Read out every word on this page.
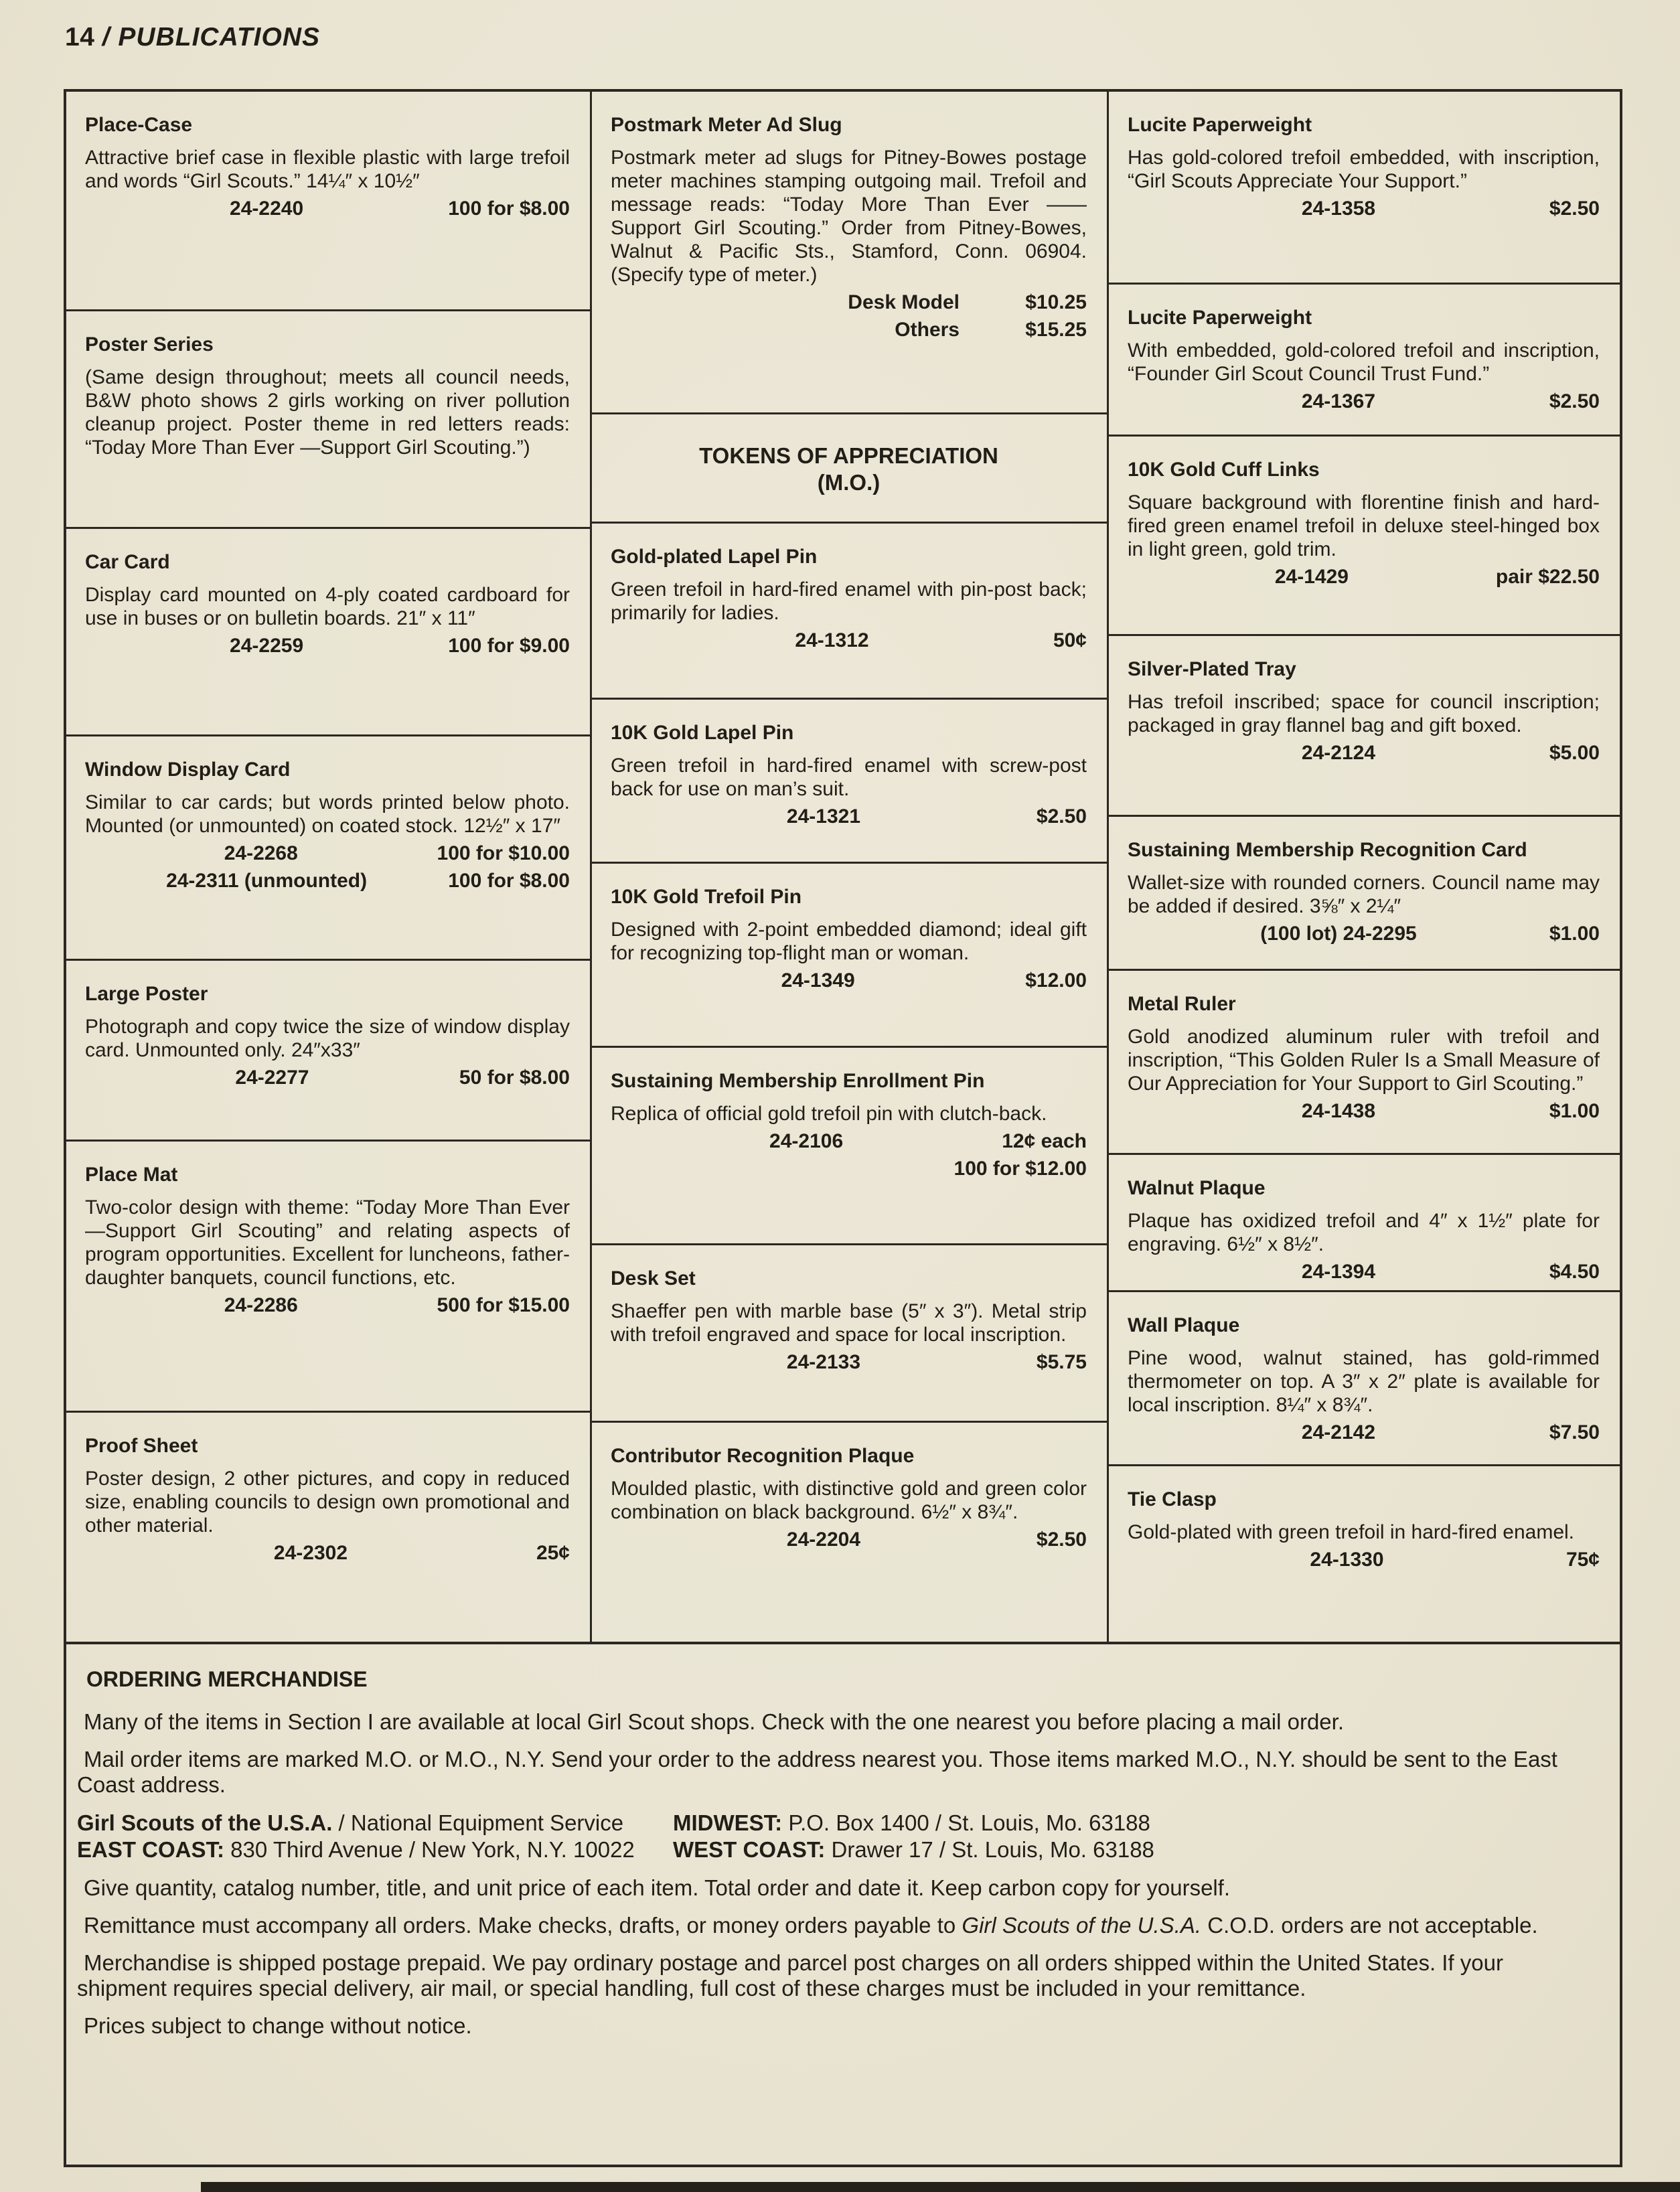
14 / PUBLICATIONS
Place-Case

Attractive brief case in flexible plastic with large trefoil and words “Girl Scouts.” 14¼″ x 10½″

24-2240	100 for $8.00
Poster Series

(Same design throughout; meets all council needs, B&W photo shows 2 girls working on river pollution cleanup project. Poster theme in red letters reads: “Today More Than Ever —Support Girl Scouting.”)

Car Card

Display card mounted on 4-ply coated cardboard for use in buses or on bulletin boards. 21″ x 11″

24-2259	100 for $9.00
Window Display Card

Similar to car cards; but words printed below photo. Mounted (or unmounted) on coated stock. 12½″ x 17″

24-2268	100 for $10.00
24-2311 (unmounted)	100 for $8.00
Large Poster

Photograph and copy twice the size of window display card. Unmounted only. 24″x33″

24-2277	50 for $8.00
Place Mat

Two-color design with theme: “Today More Than Ever—Support Girl Scouting” and relating aspects of program opportunities. Excellent for luncheons, father-daughter banquets, council functions, etc.

24-2286	500 for $15.00
Proof Sheet

Poster design, 2 other pictures, and copy in reduced size, enabling councils to design own promotional and other material.

24-2302	25¢
Postmark Meter Ad Slug

Postmark meter ad slugs for Pitney-Bowes postage meter machines stamping outgoing mail. Trefoil and message reads: “Today More Than Ever —— Support Girl Scouting.” Order from Pitney-Bowes, Walnut & Pacific Sts., Stamford, Conn. 06904. (Specify type of meter.)

Desk Model	$10.25
Others	$15.25
TOKENS OF APPRECIATION
(M.O.)
Gold-plated Lapel Pin

Green trefoil in hard-fired enamel with pin-post back; primarily for ladies.

24-1312	50¢
10K Gold Lapel Pin

Green trefoil in hard-fired enamel with screw-post back for use on man’s suit.

24-1321	$2.50
10K Gold Trefoil Pin

Designed with 2-point embedded diamond; ideal gift for recognizing top-flight man or woman.

24-1349	$12.00
Sustaining Membership Enrollment Pin

Replica of official gold trefoil pin with clutch-back.

24-2106	12¢ each
100 for $12.00
Desk Set

Shaeffer pen with marble base (5″ x 3″). Metal strip with trefoil engraved and space for local inscription.

24-2133	$5.75
Contributor Recognition Plaque

Moulded plastic, with distinctive gold and green color combination on black background. 6½″ x 8¾″.

24-2204	$2.50
Lucite Paperweight

Has gold-colored trefoil embedded, with inscription, “Girl Scouts Appreciate Your Support.”

24-1358	$2.50
Lucite Paperweight

With embedded, gold-colored trefoil and inscription, “Founder Girl Scout Council Trust Fund.”

24-1367	$2.50
10K Gold Cuff Links

Square background with florentine finish and hard-fired green enamel trefoil in deluxe steel-hinged box in light green, gold trim.

24-1429	pair $22.50
Silver-Plated Tray

Has trefoil inscribed; space for council inscription; packaged in gray flannel bag and gift boxed.

24-2124	$5.00
Sustaining Membership Recognition Card

Wallet-size with rounded corners. Council name may be added if desired. 3⅝″ x 2¼″

(100 lot) 24-2295	$1.00
Metal Ruler

Gold anodized aluminum ruler with trefoil and inscription, “This Golden Ruler Is a Small Measure of Our Appreciation for Your Support to Girl Scouting.”

24-1438	$1.00
Walnut Plaque

Plaque has oxidized trefoil and 4″ x 1½″ plate for engraving. 6½″ x 8½″.

24-1394	$4.50
Wall Plaque

Pine wood, walnut stained, has gold-rimmed thermometer on top. A 3″ x 2″ plate is available for local inscription. 8¼″ x 8¾″.

24-2142	$7.50
Tie Clasp

Gold-plated with green trefoil in hard-fired enamel.

24-1330	75¢
ORDERING MERCHANDISE

Many of the items in Section I are available at local Girl Scout shops. Check with the one nearest you before placing a mail order.

Mail order items are marked M.O. or M.O., N.Y. Send your order to the address nearest you. Those items marked M.O., N.Y. should be sent to the East Coast address.

Girl Scouts of the U.S.A. / National Equipment Service	MIDWEST: P.O. Box 1400 / St. Louis, Mo. 63188
EAST COAST: 830 Third Avenue / New York, N.Y. 10022	WEST COAST: Drawer 17 / St. Louis, Mo. 63188

Give quantity, catalog number, title, and unit price of each item. Total order and date it. Keep carbon copy for yourself.

Remittance must accompany all orders. Make checks, drafts, or money orders payable to Girl Scouts of the U.S.A. C.O.D. orders are not acceptable.

Merchandise is shipped postage prepaid. We pay ordinary postage and parcel post charges on all orders shipped within the United States. If your shipment requires special delivery, air mail, or special handling, full cost of these charges must be included in your remittance.

Prices subject to change without notice.
